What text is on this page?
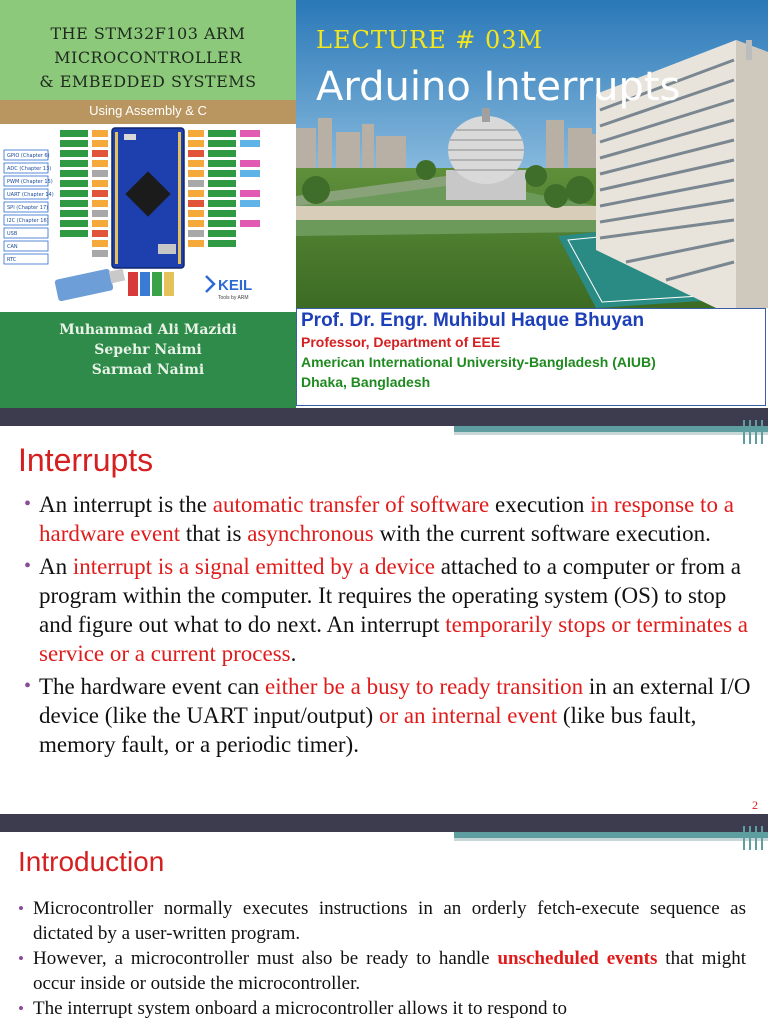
THE STM32F103 ARM
MICROCONTROLLER
& EMBEDDED SYSTEMS
Using Assembly & C
GPIO (Chapter 6)
ADC (Chapter 13)
PWM (Chapter 15)
UART (Chapter 14)
SPI (Chapter 17)
I2C (Chapter 16)
USB
CAN
RTC
KEIL
Tools by ARM
Muhammad Ali Mazidi
Sepehr Naimi
Sarmad Naimi
LECTURE # 03M
Arduino Interrupts
Prof. Dr. Engr. Muhibul Haque Bhuyan
Professor, Department of EEE
American International University-Bangladesh (AIUB)
Dhaka, Bangladesh
Interrupts
• An interrupt is the automatic transfer of software execution in response to a hardware event that is asynchronous with the current software execution.
• An interrupt is a signal emitted by a device attached to a computer or from a program within the computer. It requires the operating system (OS) to stop and figure out what to do next. An interrupt temporarily stops or terminates a service or a current process.
• The hardware event can either be a busy to ready transition in an external I/O device (like the UART input/output) or an internal event (like bus fault, memory fault, or a periodic timer).
2
Introduction
• Microcontroller normally executes instructions in an orderly fetch-execute sequence as dictated by a user-written program.
• However, a microcontroller must also be ready to handle unscheduled events that might occur inside or outside the microcontroller.
• The interrupt system onboard a microcontroller allows it to respond to
